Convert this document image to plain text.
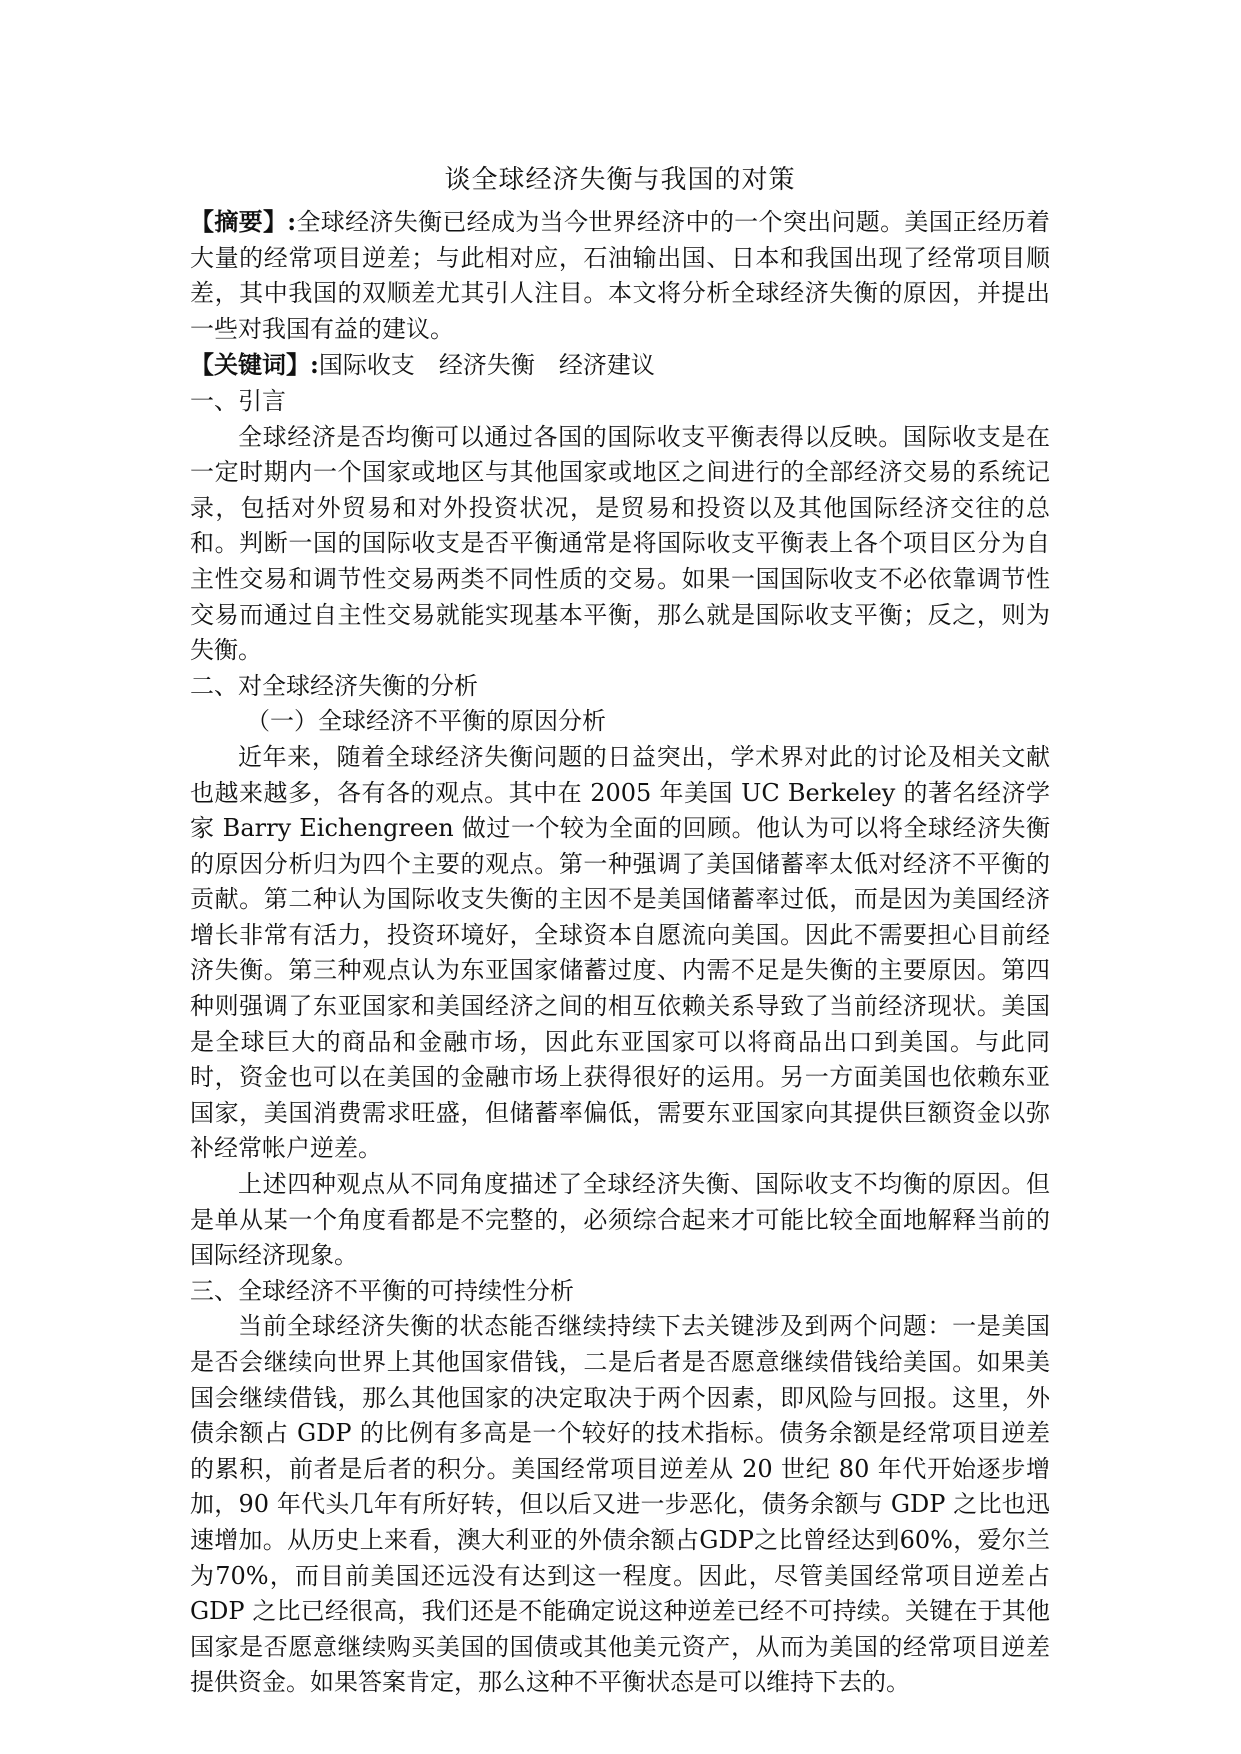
谈全球经济失衡与我国的对策

【摘要】:全球经济失衡已经成为当今世界经济中的一个突出问题。美国正经历着大量的经常项目逆差；与此相对应，石油输出国、日本和我国出现了经常项目顺差，其中我国的双顺差尤其引人注目。本文将分析全球经济失衡的原因，并提出一些对我国有益的建议。

【关键词】:国际收支 经济失衡 经济建议

一、引言

全球经济是否均衡可以通过各国的国际收支平衡表得以反映。国际收支是在一定时期内一个国家或地区与其他国家或地区之间进行的全部经济交易的系统记录，包括对外贸易和对外投资状况，是贸易和投资以及其他国际经济交往的总和。判断一国的国际收支是否平衡通常是将国际收支平衡表上各个项目区分为自主性交易和调节性交易两类不同性质的交易。如果一国国际收支不必依靠调节性交易而通过自主性交易就能实现基本平衡，那么就是国际收支平衡；反之，则为失衡。

二、对全球经济失衡的分析

（一）全球经济不平衡的原因分析

近年来，随着全球经济失衡问题的日益突出，学术界对此的讨论及相关文献也越来越多，各有各的观点。其中在 2005 年美国 UC Berkeley 的著名经济学家 Barry Eichengreen 做过一个较为全面的回顾。他认为可以将全球经济失衡的原因分析归为四个主要的观点。第一种强调了美国储蓄率太低对经济不平衡的贡献。第二种认为国际收支失衡的主因不是美国储蓄率过低，而是因为美国经济增长非常有活力，投资环境好，全球资本自愿流向美国。因此不需要担心目前经济失衡。第三种观点认为东亚国家储蓄过度、内需不足是失衡的主要原因。第四种则强调了东亚国家和美国经济之间的相互依赖关系导致了当前经济现状。美国是全球巨大的商品和金融市场，因此东亚国家可以将商品出口到美国。与此同时，资金也可以在美国的金融市场上获得很好的运用。另一方面美国也依赖东亚国家，美国消费需求旺盛，但储蓄率偏低，需要东亚国家向其提供巨额资金以弥补经常帐户逆差。

上述四种观点从不同角度描述了全球经济失衡、国际收支不均衡的原因。但是单从某一个角度看都是不完整的，必须综合起来才可能比较全面地解释当前的国际经济现象。

三、全球经济不平衡的可持续性分析

当前全球经济失衡的状态能否继续持续下去关键涉及到两个问题：一是美国是否会继续向世界上其他国家借钱，二是后者是否愿意继续借钱给美国。如果美国会继续借钱，那么其他国家的决定取决于两个因素，即风险与回报。这里，外债余额占 GDP 的比例有多高是一个较好的技术指标。债务余额是经常项目逆差的累积，前者是后者的积分。美国经常项目逆差从 20 世纪 80 年代开始逐步增加，90 年代头几年有所好转，但以后又进一步恶化，债务余额与 GDP 之比也迅速增加。从历史上来看，澳大利亚的外债余额占GDP之比曾经达到60%，爱尔兰为70%，而目前美国还远没有达到这一程度。因此，尽管美国经常项目逆差占 GDP 之比已经很高，我们还是不能确定说这种逆差已经不可持续。关键在于其他国家是否愿意继续购买美国的国债或其他美元资产，从而为美国的经常项目逆差提供资金。如果答案肯定，那么这种不平衡状态是可以维持下去的。
